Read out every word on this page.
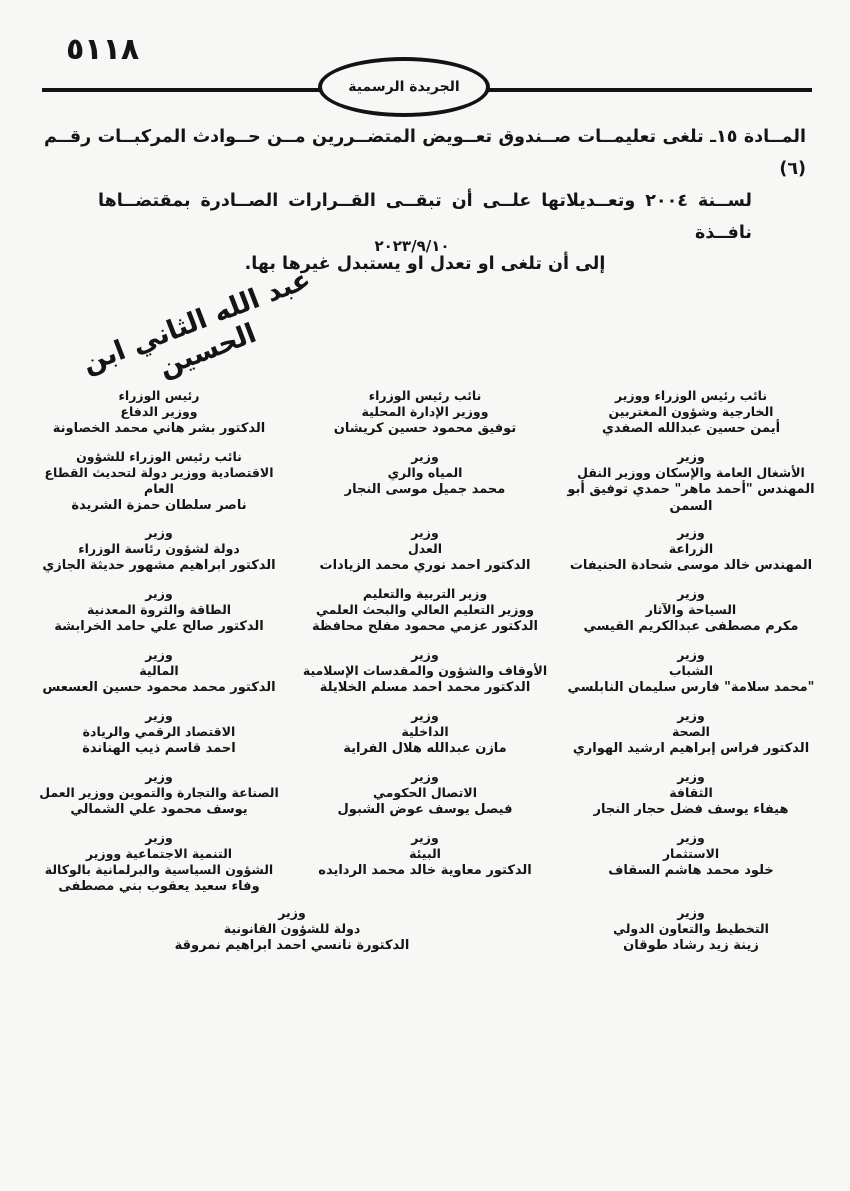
٥١١٨
الجريدة الرسمية
المــادة ١٥ـ تلغى تعليمــات صــندوق تعــويض المتضــررين مــن حــوادث المركبــات رقــم (٦)
لســنة ٢٠٠٤ وتعــديلاتها علــى أن تبقــى القــرارات الصــادرة بمقتضــاها نافــذة
إلى أن تلغى او تعدل او يستبدل غيرها بها.
٢٠٢٣/٩/١٠
عبد الله الثاني ابن الحسين
نائب رئيس الوزراء ووزير
الخارجية وشؤون المغتربين
أيمن حسين عبدالله الصفدي
نائب رئيس الوزراء
ووزير الإدارة المحلية
توفيق محمود حسين كريشان
رئيس الوزراء
ووزير الدفاع
الدكتور بشر هاني محمد الخصاونة
وزير
الأشغال العامة والإسكان ووزير النقل
المهندس "أحمد ماهر" حمدي توفيق أبو السمن
وزير
المياه والري
محمد جميل موسى النجار
نائب رئيس الوزراء للشؤون
الاقتصادية ووزير دولة لتحديث القطاع العام
ناصر سلطان حمزة الشريدة
وزير
الزراعة
المهندس خالد موسى شحادة الحنيفات
وزير
العدل
الدكتور احمد نوري محمد الزيادات
وزير
دولة لشؤون رئاسة الوزراء
الدكتور ابراهيم مشهور حديثة الجازي
وزير
السياحة والآثار
مكرم مصطفى عبدالكريم القيسي
وزير التربية والتعليم
ووزير التعليم العالي والبحث العلمي
الدكتور عزمي محمود مفلح محافظة
وزير
الطاقة والثروة المعدنية
الدكتور صالح علي حامد الخرابشة
وزير
الشباب
"محمد سلامة" فارس سليمان النابلسي
وزير
الأوقاف والشؤون والمقدسات الإسلامية
الدكتور محمد احمد مسلم الخلايلة
وزير
المالية
الدكتور محمد محمود حسين العسعس
وزير
الصحة
الدكتور فراس إبراهيم ارشيد الهواري
وزير
الداخلية
مازن عبدالله هلال الفراية
وزير
الاقتصاد الرقمي والريادة
احمد قاسم ذيب الهناندة
وزير
الثقافة
هيفاء يوسف فضل حجار النجار
وزير
الاتصال الحكومي
فيصل يوسف عوض الشبول
وزير
الصناعة والتجارة والتموين ووزير العمل
يوسف محمود علي الشمالي
وزير
الاستثمار
خلود محمد هاشم السقاف
وزير
البيئة
الدكتور معاوية خالد محمد الردايده
وزير
التنمية الاجتماعية ووزير
الشؤون السياسية والبرلمانية بالوكالة
وفاء سعيد يعقوب بني مصطفى
وزير
التخطيط والتعاون الدولي
زينة زيد رشاد طوقان
وزير
دولة للشؤون القانونية
الدكتورة نانسي احمد ابراهيم نمروقة
